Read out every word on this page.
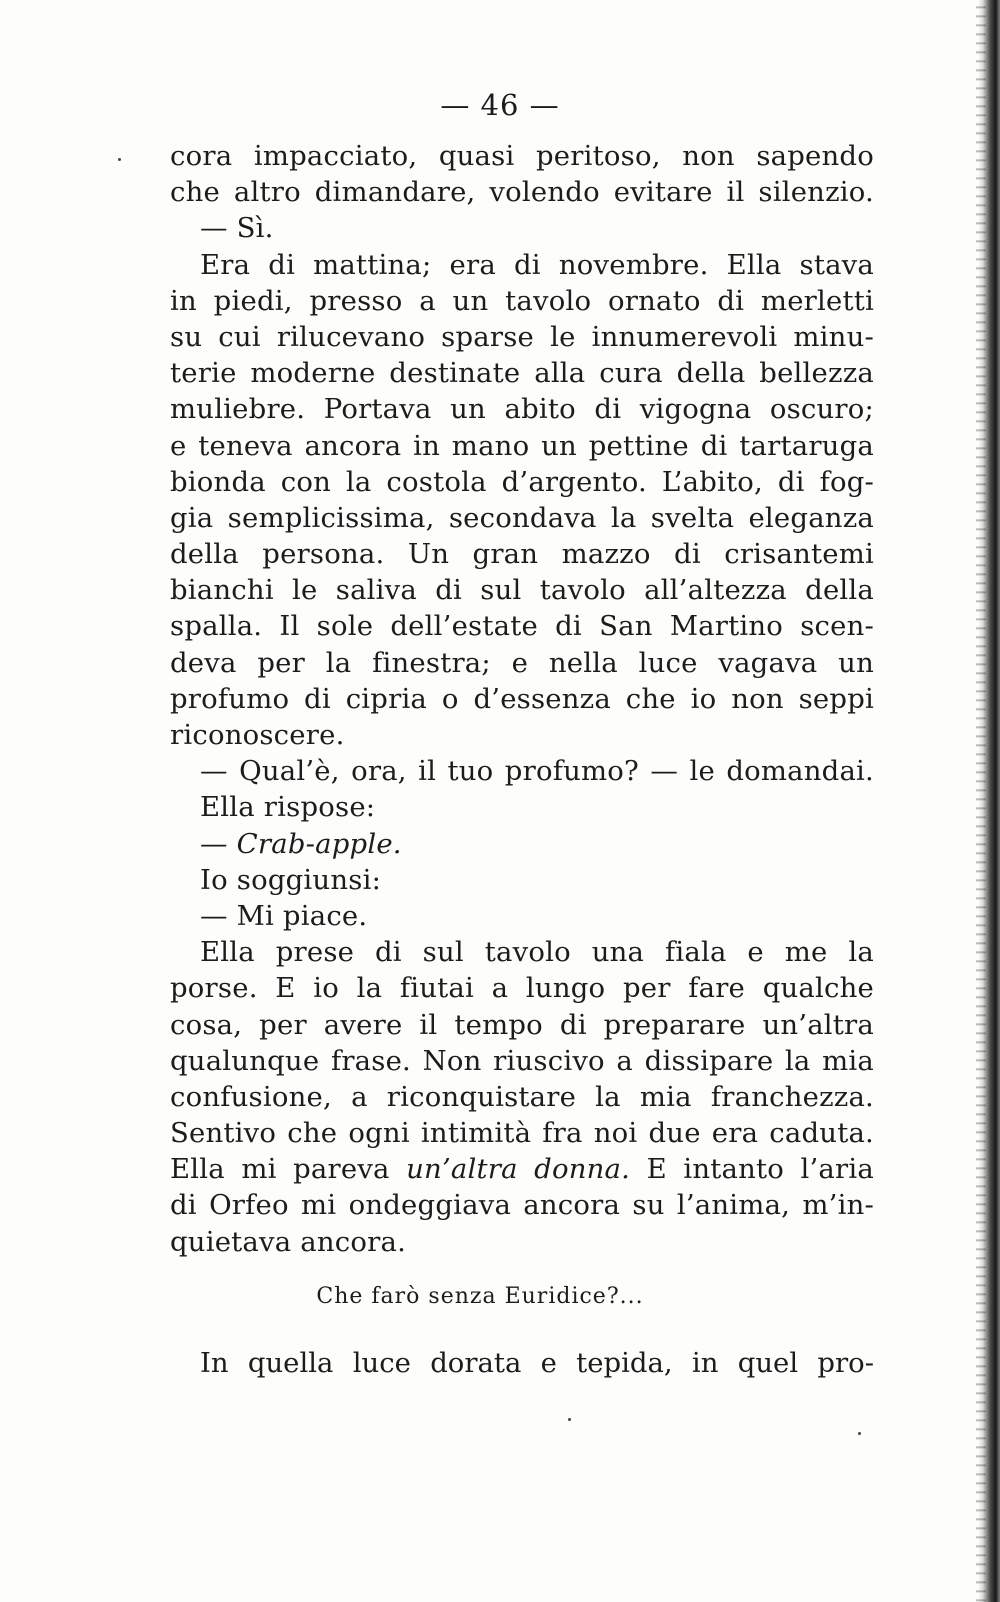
— 46 —
cora impacciato, quasi peritoso, non sapendo
che altro dimandare, volendo evitare il silenzio.
— Sì.
Era di mattina; era di novembre. Ella stava
in piedi, presso a un tavolo ornato di merletti
su cui rilucevano sparse le innumerevoli minu-
terie moderne destinate alla cura della bellezza
muliebre. Portava un abito di vigogna oscuro;
e teneva ancora in mano un pettine di tartaruga
bionda con la costola d’argento. L’abito, di fog-
gia semplicissima, secondava la svelta eleganza
della persona. Un gran mazzo di crisantemi
bianchi le saliva di sul tavolo all’altezza della
spalla. Il sole dell’estate di San Martino scen-
deva per la finestra; e nella luce vagava un
profumo di cipria o d’essenza che io non seppi
riconoscere.
— Qual’è, ora, il tuo profumo? — le domandai.
Ella rispose:
— Crab-apple.
Io soggiunsi:
— Mi piace.
Ella prese di sul tavolo una fiala e me la
porse. E io la fiutai a lungo per fare qualche
cosa, per avere il tempo di preparare un’altra
qualunque frase. Non riuscivo a dissipare la mia
confusione, a riconquistare la mia franchezza.
Sentivo che ogni intimità fra noi due era caduta.
Ella mi pareva un’altra donna. E intanto l’aria
di Orfeo mi ondeggiava ancora su l’anima, m’in-
quietava ancora.
Che farò senza Euridice?...
In quella luce dorata e tepida, in quel pro-
